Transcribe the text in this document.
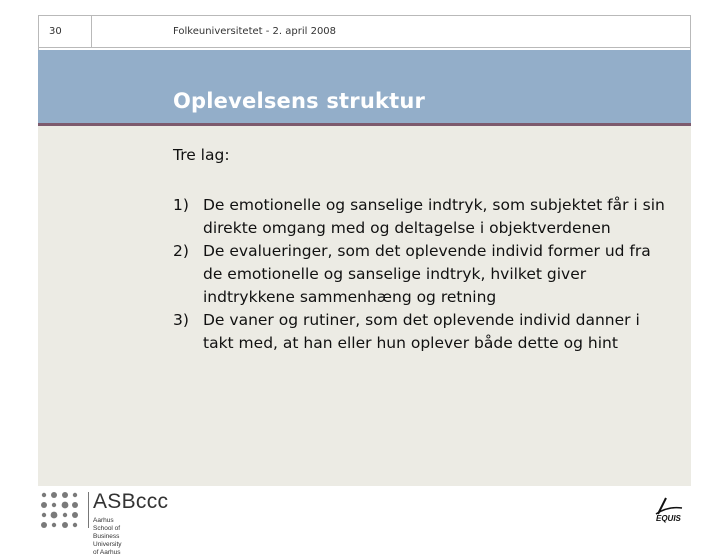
30	Folkeuniversitetet - 2. april 2008
Oplevelsens struktur
Tre lag:
1) De emotionelle og sanselige indtryk, som subjektet får i sin direkte omgang med og deltagelse i objektverdenen
2) De evalueringer, som det oplevende individ former ud fra de emotionelle og sanselige indtryk, hvilket giver indtrykkene sammenhæng og retning
3) De vaner og rutiner, som det oplevende individ danner i takt med, at han eller hun oplever både dette og hint
ASBccc
Aarhus School of Business
University of Aarhus
EQUIS
